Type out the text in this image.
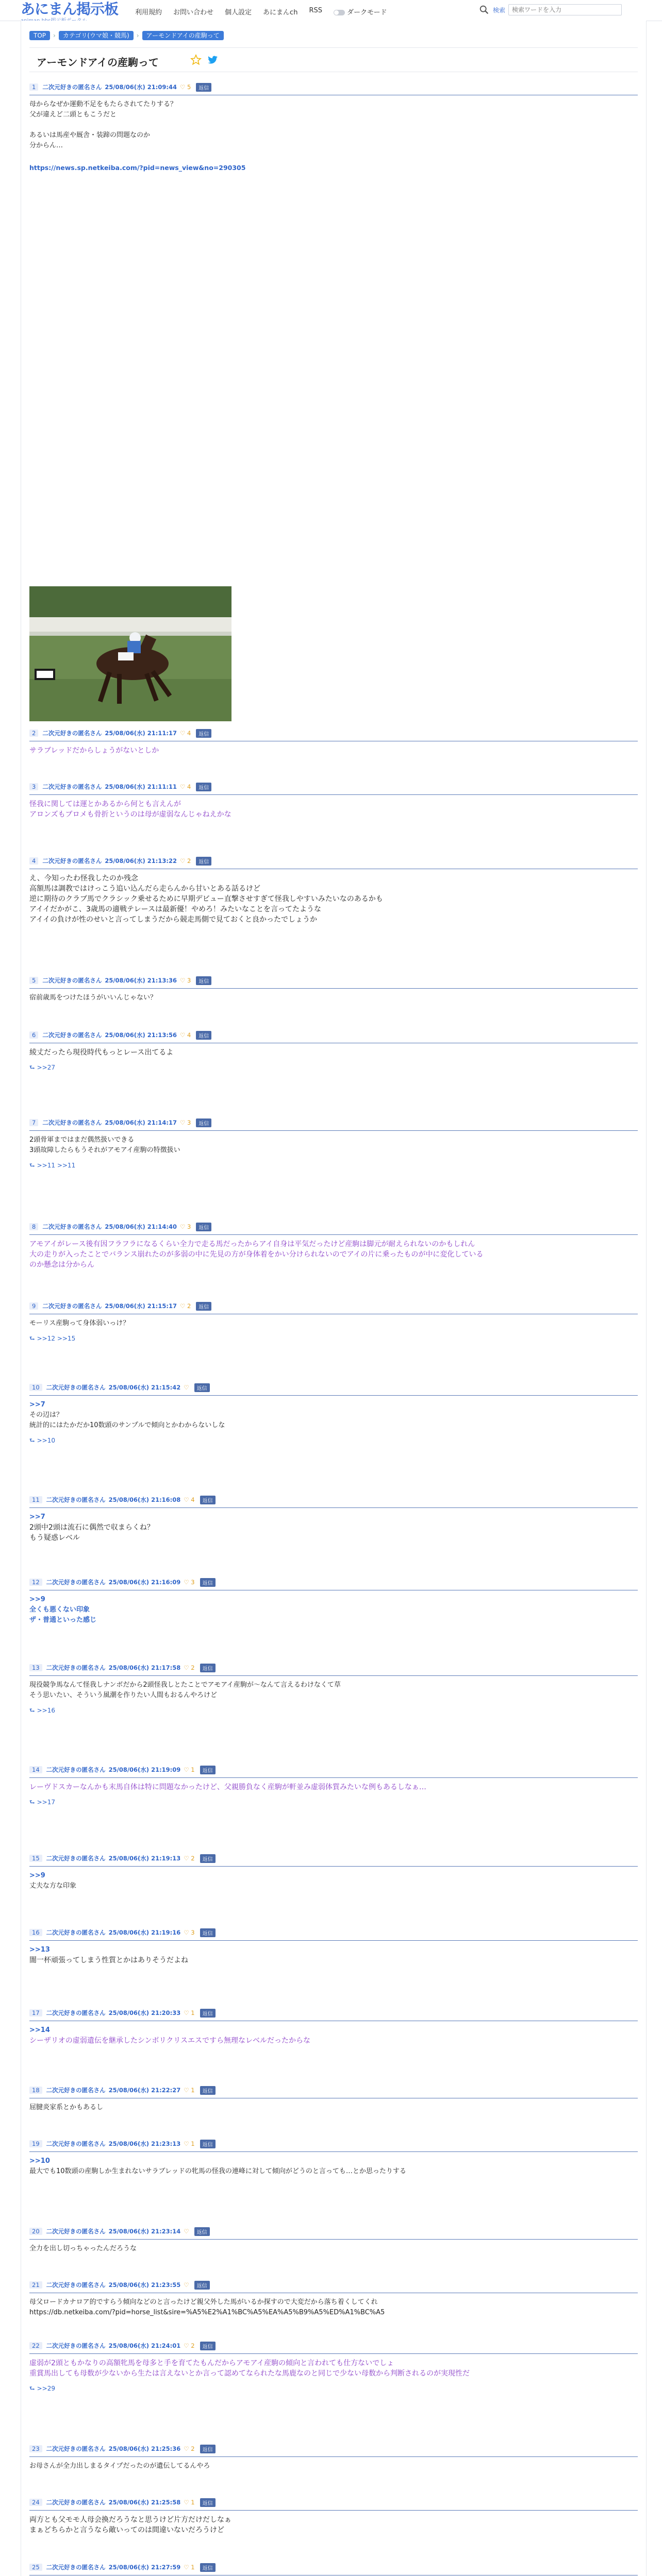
あにまん掲示板	利用規約 お問い合わせ 個人設定 あにまんch RSS	ダークモード	検索
検索ワードを入力
TOP	›	カテゴリ(ウマ娘・競馬)	›	アーモンドアイの産駒って
アーモンドアイの産駒って
1	二次元好きの匿名さん 25/08/06(水) 21:09:44 ♡ 5	返信
母からなぜか運動不足をもたらされてたりする？
父が違えど二頭ともこうだと

あるいは馬産や厩舎・装蹄の問題なのか
分からん…
https://news.sp.netkeiba.com/?pid=news_view&no=290305
2	二次元好きの匿名さん 25/08/06(水) 21:11:17 ♡ 4	返信
サラブレッドだからしょうがないとしか
3	二次元好きの匿名さん 25/08/06(水) 21:11:11 ♡ 4	返信
怪我に関しては運とかあるから何とも言えんが
アロンズもブロメも骨折というのは母が虚弱なんじゃねえかな
4	二次元好きの匿名さん 25/08/06(水) 21:13:22 ♡ 2	返信
え、今知ったわ怪我したのか残念
高額馬は調教ではけっこう追い込んだら走らんから甘いとある話るけど
逆に期待のクラブ馬でクラシック乗せるために早期デビュー直撃させすぎて怪我しやすいみたいなのあるかも
アイイだかがこ、3歳馬の適戦テレースは最新優！やめろ！みたいなことを言ってたような
アイイの負けが性のせいと言ってしまうだから競走馬側で見ておくと良かったでしょうか
5	二次元好きの匿名さん 25/08/06(水) 21:13:36 ♡ 3	返信
宿前歳馬をつけたほうがいいんじゃない？
6	二次元好きの匿名さん 25/08/06(水) 21:13:56 ♡ 4	返信
綾丈だったら現役時代もっとレース出てるよ
⮑ >>27
7	二次元好きの匿名さん 25/08/06(水) 21:14:17 ♡ 3	返信
2頭骨軍まではまだ偶然扱いできる
3頭故障したらもうそれがアモアイ産駒の特徴扱い
⮑ >>11 >>11
8	二次元好きの匿名さん 25/08/06(水) 21:14:40 ♡ 3	返信
アモアイがレース後有因フラフラになるくらい全力で走る馬だったからアイ自身は平気だったけど産駒は脚元が耐えられないのかもしれん
大の走りが入ったことでバランス崩れたのが多弱の中に先見の方が身体着をかい分けられないのでアイの片に乗ったものが中に変化している
のか懸念は分からん
9	二次元好きの匿名さん 25/08/06(水) 21:15:17 ♡ 2	返信
モーリス産駒って身体弱いっけ？
⮑ >>12 >>15
10	二次元好きの匿名さん 25/08/06(水) 21:15:42 ♡	返信
>>7
その辺は？
統計的にはたかだか10数頭のサンプルで傾向とかわからないしな
⮑ >>10
11	二次元好きの匿名さん 25/08/06(水) 21:16:08 ♡ 4	返信
>>7
2頭中2頭は流石に偶然で収まらくね？
もう疑惑レベル
12	二次元好きの匿名さん 25/08/06(水) 21:16:09 ♡ 3	返信
>>9
全くも悪くない印象
ザ・普通といった感じ
13	二次元好きの匿名さん 25/08/06(水) 21:17:58 ♡ 2	返信
現役競争馬なんて怪我しナンボだから2頭怪我しとたことでアモアイ産駒が～なんて言えるわけなくて草
そう思いたい、そういう風潮を作りたい人間もおるんやろけど
⮑ >>16
14	二次元好きの匿名さん 25/08/06(水) 21:19:09 ♡ 1	返信
レーヴドスカーなんかも末馬自体は特に問題なかったけど、父親勝負なく産駒が軒並み虚弱体質みたいな例もあるしなぁ…
⮑ >>17
15	二次元好きの匿名さん 25/08/06(水) 21:19:13 ♡ 2	返信
>>9
丈夫な方な印象
16	二次元好きの匿名さん 25/08/06(水) 21:19:16 ♡ 3	返信
>>13
闇一杯頑張ってしまう性質とかはありそうだよね
17	二次元好きの匿名さん 25/08/06(水) 21:20:33 ♡ 1	返信
>>14
シーザリオの虚弱遺伝を継承したシンボリクリスエスですら無理なレベルだったからな
18	二次元好きの匿名さん 25/08/06(水) 21:22:27 ♡ 1	返信
屈腱炎家系とかもあるし
19	二次元好きの匿名さん 25/08/06(水) 21:23:13 ♡ 1	返信
>>10
最大でも10数頭の産駒しか生まれないサラブレッドの牝馬の怪我の連峰に対して傾向がどうのと言っても…とか思ったりする
20	二次元好きの匿名さん 25/08/06(水) 21:23:14 ♡	返信
全力を出し切っちゃったんだろうな
21	二次元好きの匿名さん 25/08/06(水) 21:23:55 ♡	返信
母父ロードカナロア的ですらう傾向などのと言ったけど親父外した馬がいるか探すので大変だから落ち着くしてくれ
https://db.netkeiba.com/?pid=horse_list&sire=%A5%E2%A1%BC%A5%EA%A5%B9%A5%ED%A1%BC%A5
22	二次元好きの匿名さん 25/08/06(水) 21:24:01 ♡ 2	返信
虚弱が2頭ともかなりの高額牝馬を母多と手を育てたもんだからアモアイ産駒の傾向と言われても仕方ないでしょ
重賞馬出しても母数が少ないから生たは言えないとか言って認めてなられたな馬鹿なのと同じで少ない母数から判断されるのが実現性だ
⮑ >>29
23	二次元好きの匿名さん 25/08/06(水) 21:25:36 ♡ 2	返信
お母さんが全力出しまるタイプだったのが遺伝してるんやろ
24	二次元好きの匿名さん 25/08/06(水) 21:25:58 ♡ 1	返信
両方とも父モモ人母会換だろうなと思うけど片方だけだしなぁ
まぁどちらかと言うなら敵いってのは間違いないだろうけど
25	二次元好きの匿名さん 25/08/06(水) 21:27:59 ♡ 1	返信
